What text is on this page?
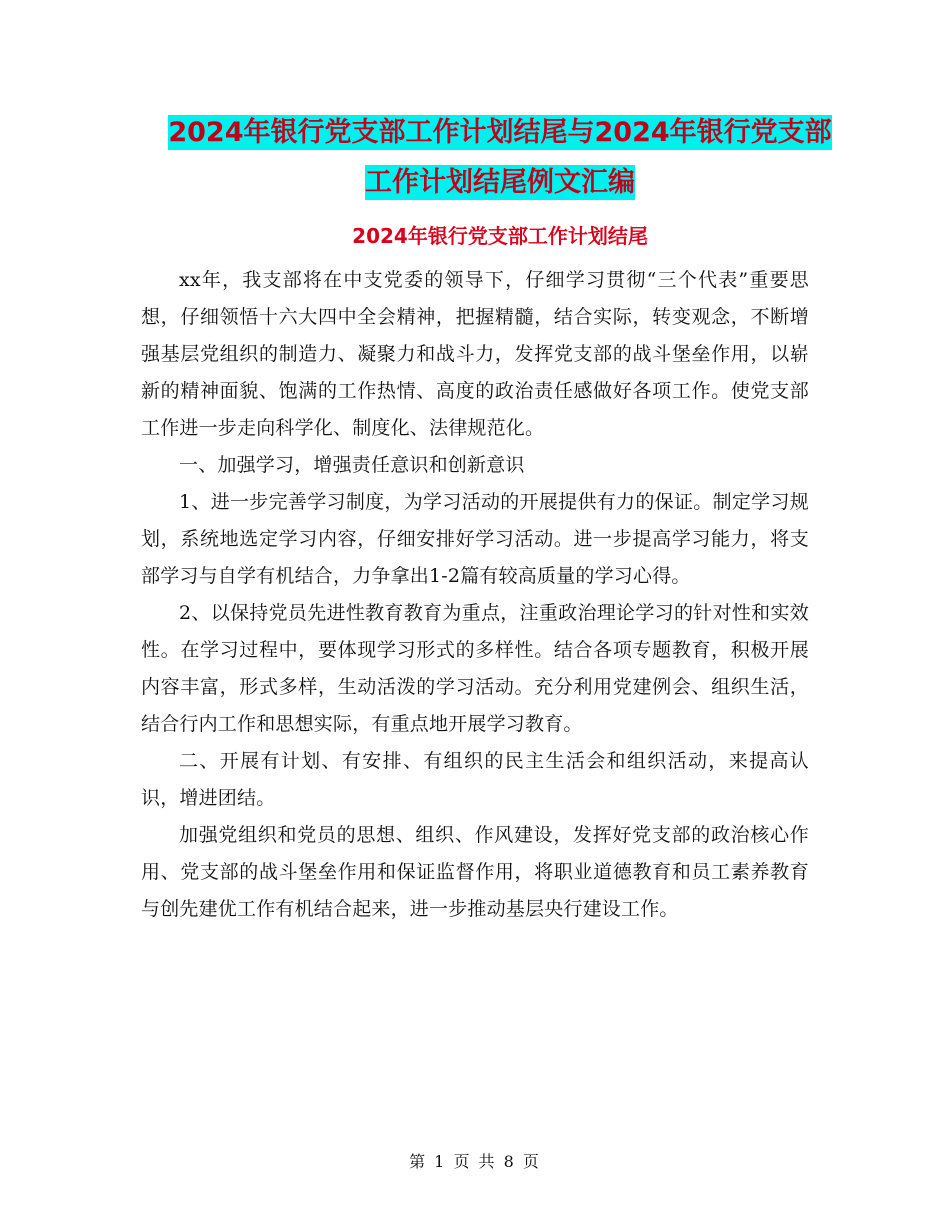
2024年银行党支部工作计划结尾与2024年银行党支部
工作计划结尾例文汇编
2024年银行党支部工作计划结尾

xx年，我支部将在中支党委的领导下，仔细学习贯彻“三个代表”重要思想，仔细领悟十六大四中全会精神，把握精髓，结合实际，转变观念，不断增强基层党组织的制造力、凝聚力和战斗力，发挥党支部的战斗堡垒作用，以崭新的精神面貌、饱满的工作热情、高度的政治责任感做好各项工作。使党支部工作进一步走向科学化、制度化、法律规范化。

一、加强学习，增强责任意识和创新意识

1、进一步完善学习制度，为学习活动的开展提供有力的保证。制定学习规划，系统地选定学习内容，仔细安排好学习活动。进一步提高学习能力，将支部学习与自学有机结合，力争拿出1-2篇有较高质量的学习心得。

2、以保持党员先进性教育教育为重点，注重政治理论学习的针对性和实效性。在学习过程中，要体现学习形式的多样性。结合各项专题教育，积极开展内容丰富，形式多样，生动活泼的学习活动。充分利用党建例会、组织生活，结合行内工作和思想实际，有重点地开展学习教育。

二、开展有计划、有安排、有组织的民主生活会和组织活动，来提高认识，增进团结。

加强党组织和党员的思想、组织、作风建设，发挥好党支部的政治核心作用、党支部的战斗堡垒作用和保证监督作用，将职业道德教育和员工素养教育与创先建优工作有机结合起来，进一步推动基层央行建设工作。

第 1 页 共 8 页
